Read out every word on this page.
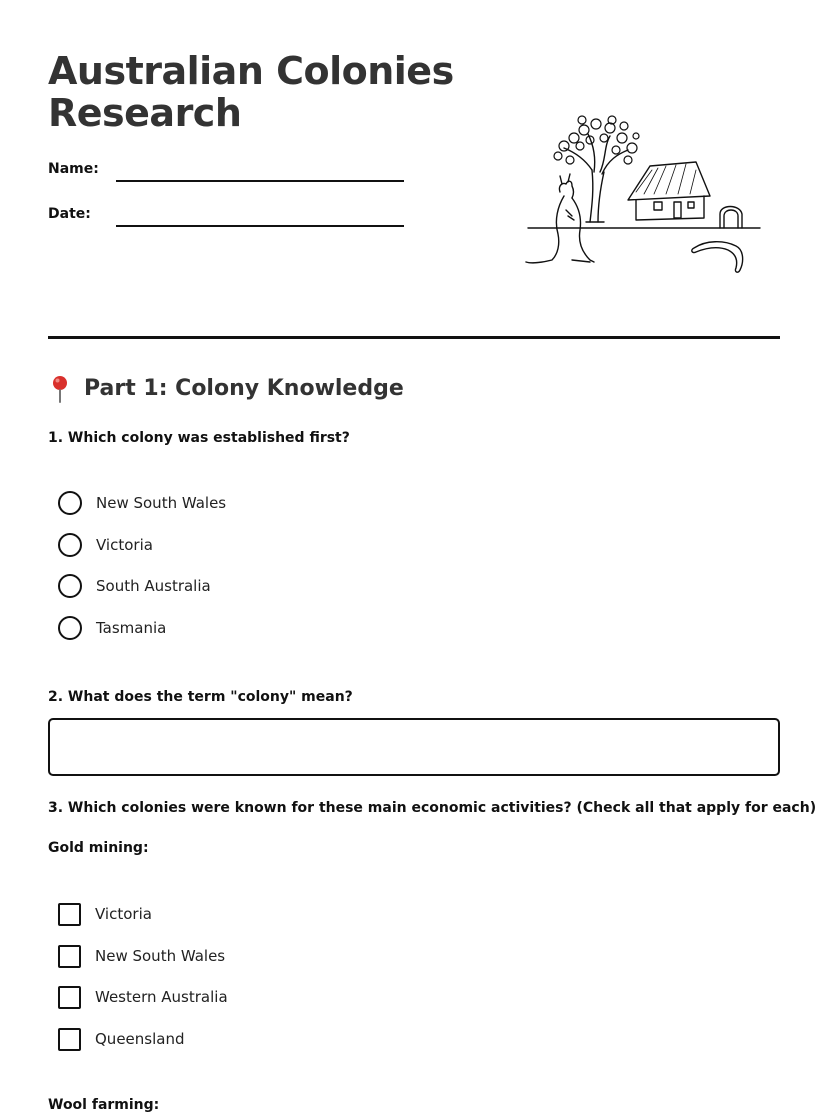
Australian Colonies Research
Name:
Date:
Part 1: Colony Knowledge
1. Which colony was established first?
New South Wales
Victoria
South Australia
Tasmania
2. What does the term "colony" mean?
3. Which colonies were known for these main economic activities? (Check all that apply for each)
Gold mining:
Victoria
New South Wales
Western Australia
Queensland
Wool farming:
